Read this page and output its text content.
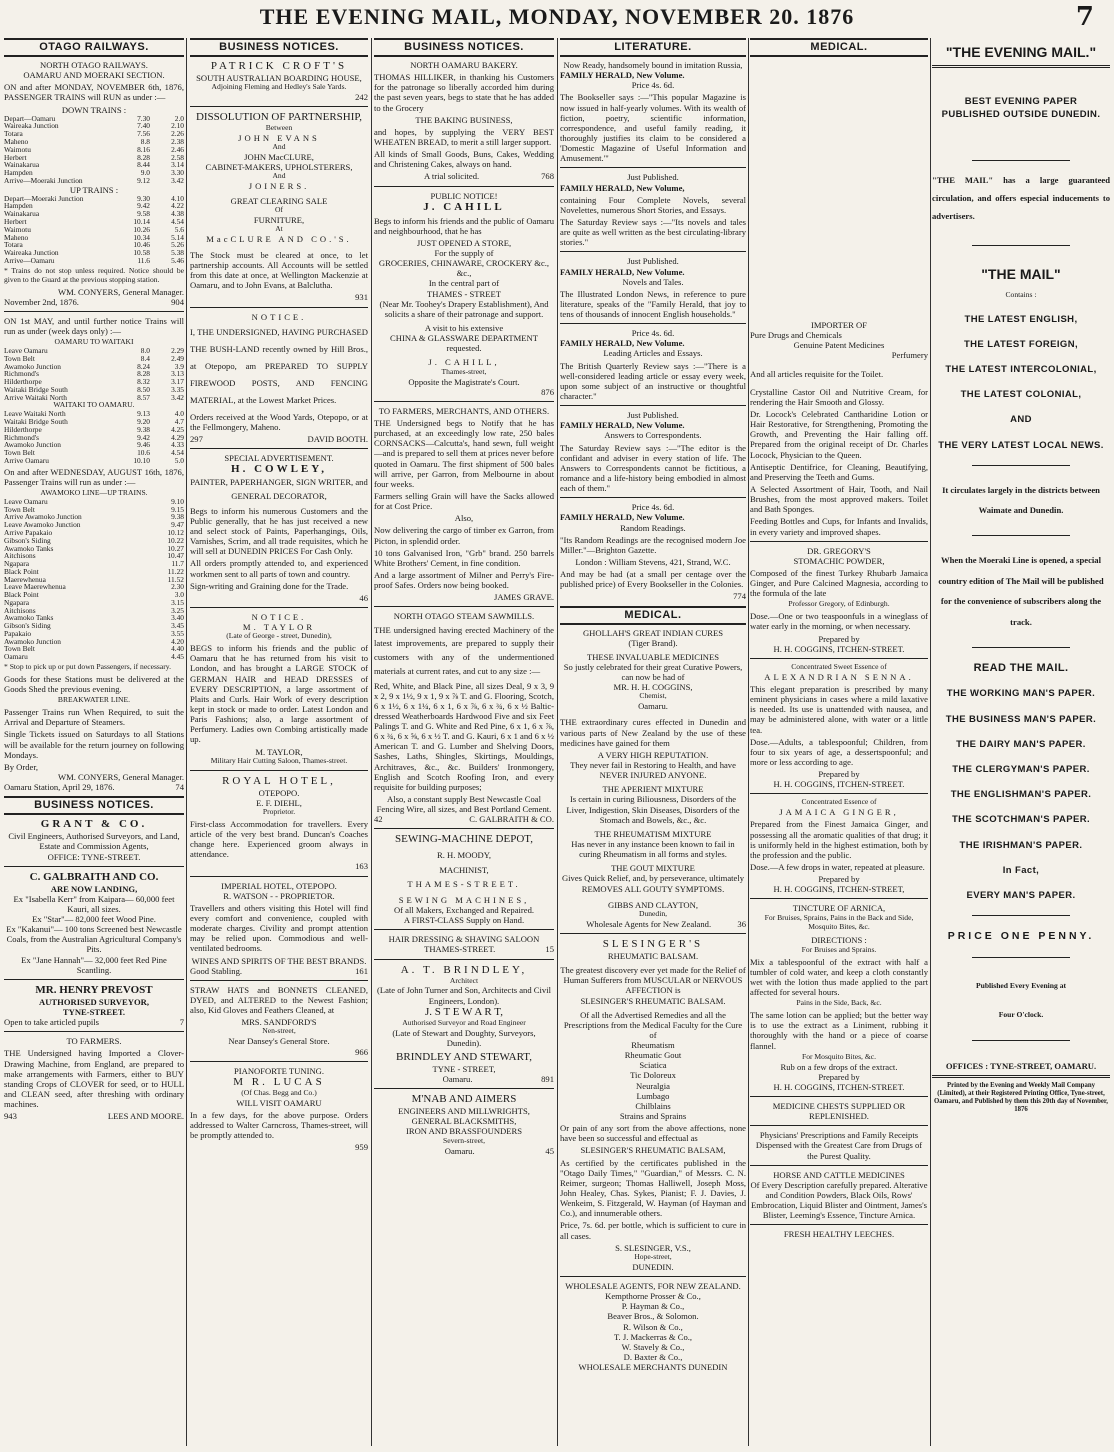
THE EVENING MAIL, MONDAY, NOVEMBER 20. 1876	7
OTAGO RAILWAYS.
NORTH OTAGO RAILWAYS.
OAMARU AND MOERAKI SECTION.
ON and after MONDAY, NOVEMBER 6th, 1876, PASSENGER TRAINS will RUN as under :—
DOWN TRAINS :
Depart—Oamaru	7.30	2.0
Waireaka Junction	7.40	2.10
Totara	7.56	2.26
Maheno	8.8	2.38
Waimotu	8.16	2.46
Herbert	8.28	2.58
Wainakarua	8.44	3.14
Hampden	9.0	3.30
Arrive—Moeraki Junction	9.12	3.42
UP TRAINS :
Depart—Moeraki Junction	9.30	4.10
Hampden	9.42	4.22
Wainakarua	9.58	4.38
Herbert	10.14	4.54
Waimotu	10.26	5.6
Maheno	10.34	5.14
Totara	10.46	5.26
Waireaka Junction	10.58	5.38
Arrive—Oamaru	11.6	5.46
* Trains do not stop unless required. Notice should be given to the Guard at the previous stopping station.
WM. CONYERS, General Manager.
November 2nd, 1876.	904
ON 1st MAY, and until further notice Trains will run as under (week days only) :—
OAMARU TO WAITAKI
Leave Oamaru	8.0	2.29
Town Belt	8.4	2.49
Awamoko Junction	8.24	3.9
Richmond's	8.28	3.13
Hilderthorpe	8.32	3.17
Waitaki Bridge South	8.50	3.35
Arrive Waitaki North	8.57	3.42
WAITAKI TO OAMARU.
Leave Waitaki North	9.13	4.0
Waitaki Bridge South	9.20	4.7
Hilderthorpe	9.38	4.25
Richmond's	9.42	4.29
Awamoko Junction	9.46	4.33
Town Belt	10.6	4.54
Arrive Oamaru	10.10	5.0
On and after WEDNESDAY, AUGUST 16th, 1876, Passenger Trains will run as under :—
AWAMOKO LINE—UP TRAINS.
Leave Oamaru	9.10
Town Belt	9.15
Arrive Awamoko Junction	9.38
Leave Awamoko Junction	9.47
Arrive Papakaio	10.12
Gibson's Siding	10.22
Awamoko Tanks	10.27
Aitchisons	10.47
Ngapara	11.7
Black Point	11.22
Maerewhenua	11.52
Leave Maerewhenua	2.30
Black Point	3.0
Ngapara	3.15
Aitchisons	3.25
Awamoko Tanks	3.40
Gibson's Siding	3.45
Papakaio	3.55
Awamoko Junction	4.20
Town Belt	4.40
Oamaru	4.45
* Stop to pick up or put down Passengers, if necessary.
Goods for these Stations must be delivered at the Goods Shed the previous evening.
BREAKWATER LINE.
Passenger Trains run When Required, to suit the Arrival and Departure of Steamers.
Single Tickets issued on Saturdays to all Stations will be available for the return journey on following Mondays.
By Order,
WM. CONYERS, General Manager.
Oamaru Station, April 29, 1876.	74
BUSINESS NOTICES.
GRANT & CO.
Civil Engineers, Authorised Surveyors, and Land, Estate and Commission Agents,
OFFICE: TYNE-STREET.
C. GALBRAITH AND CO.
ARE NOW LANDING,
Ex "Isabella Kerr" from Kaipara— 60,000 feet Kauri, all sizes.
Ex "Star"— 82,000 feet Wood Pine.
Ex "Kakanui"— 100 tons Screened best Newcastle Coals, from the Australian Agricultural Company's Pits.
Ex "Jane Hannah"— 32,000 feet Red Pine Scantling.
MR. HENRY PREVOST
AUTHORISED SURVEYOR,
TYNE-STREET.
Open to take articled pupils	7
TO FARMERS.
THE Undersigned having Imported a Clover-Drawing Machine, from England, are prepared to make arrangements with Farmers, either to BUY standing Crops of CLOVER for seed, or to HULL and CLEAN seed, after threshing with ordinary machines.
943	LEES AND MOORE.
BUSINESS NOTICES.
PATRICK CROFT'S
SOUTH AUSTRALIAN BOARDING HOUSE,
Adjoining Fleming and Hedley's Sale Yards.
242
DISSOLUTION OF PARTNERSHIP,
Between
JOHN EVANS
And
JOHN MacCLURE,
CABINET-MAKERS, UPHOLSTERERS,
And
JOINERS.
GREAT CLEARING SALE
Of
FURNITURE,
At
MacCLURE AND CO.'S.
The Stock must be cleared at once, to let partnership accounts. All Accounts will be settled from this date at once, at Wellington Mackenzie at Oamaru, and to John Evans, at Balclutha.
931
NOTICE.
I, THE UNDERSIGNED, HAVING PURCHASED THE BUSH-LAND recently owned by Hill Bros., at Otepopo, am PREPARED TO SUPPLY FIREWOOD POSTS, AND FENCING MATERIAL, at the Lowest Market Prices.
Orders received at the Wood Yards, Otepopo, or at the Fellmongery, Maheno.
297	DAVID BOOTH.
SPECIAL ADVERTISEMENT.
H. COWLEY,
PAINTER, PAPERHANGER, SIGN WRITER, and GENERAL DECORATOR,
Begs to inform his numerous Customers and the Public generally, that he has just received a new and select stock of Paints, Paperhangings, Oils, Varnishes, Scrim, and all trade requisites, which he will sell at DUNEDIN PRICES For Cash Only.
All orders promptly attended to, and experienced workmen sent to all parts of town and country.
Sign-writing and Graining done for the Trade.
46
NOTICE.
M. TAYLOR
(Late of George - street, Dunedin),
BEGS to inform his friends and the public of Oamaru that he has returned from his visit to London, and has brought a LARGE STOCK of GERMAN HAIR and HEAD DRESSES of EVERY DESCRIPTION, a large assortment of Plaits and Curls. Hair Work of every description kept in stock or made to order. Latest London and Paris Fashions; also, a large assortment of Perfumery. Ladies own Combing artistically made up.
M. TAYLOR,
Military Hair Cutting Saloon, Thames-street.
ROYAL HOTEL,
OTEPOPO.
E. F. DIEHL,
Proprietor.
First-class Accommodation for travellers. Every article of the very best brand. Duncan's Coaches change here. Experienced groom always in attendance.
163
IMPERIAL HOTEL, OTEPOPO.
R. WATSON - - PROPRIETOR.
Travellers and others visiting this Hotel will find every comfort and convenience, coupled with moderate charges. Civility and prompt attention may be relied upon. Commodious and well-ventilated bedrooms.
WINES AND SPIRITS OF THE BEST BRANDS.
Good Stabling.	161
STRAW HATS and BONNETS CLEANED, DYED, and ALTERED to the Newest Fashion; also, Kid Gloves and Feathers Cleaned, at
MRS. SANDFORD'S
Nen-street,
Near Dansey's General Store.
966
PIANOFORTE TUNING.
M R. LUCAS
(Of Chas. Begg and Co.)
WILL VISIT OAMARU
In a few days, for the above purpose. Orders addressed to Walter Carncross, Thames-street, will be promptly attended to.
959
BUSINESS NOTICES.
NORTH OAMARU BAKERY.
THOMAS HILLIKER, in thanking his Customers for the patronage so liberally accorded him during the past seven years, begs to state that he has added to the Grocery
THE BAKING BUSINESS,
and hopes, by supplying the VERY BEST WHEATEN BREAD, to merit a still larger support.
All kinds of Small Goods, Buns, Cakes, Wedding and Christening Cakes, always on hand.
A trial solicited.	768
PUBLIC NOTICE!
J. CAHILL
Begs to inform his friends and the public of Oamaru and neighbourhood, that he has
JUST OPENED A STORE,
For the supply of
GROCERIES, CHINAWARE, CROCKERY &c., &c.,
In the central part of
THAMES - STREET
(Near Mr. Toohey's Drapery Establishment), And solicits a share of their patronage and support.
A visit to his extensive
CHINA & GLASSWARE DEPARTMENT
requested.
J. CAHILL,
Thames-street,
Opposite the Magistrate's Court.
876
TO FARMERS, MERCHANTS, AND OTHERS.
THE Undersigned begs to Notify that he has purchased, at an exceedingly low rate, 250 bales CORNSACKS—Calcutta's, hand sewn, full weight—and is prepared to sell them at prices never before quoted in Oamaru. The first shipment of 500 bales will arrive, per Garron, from Melbourne in about four weeks.
Farmers selling Grain will have the Sacks allowed for at Cost Price.
Also,
Now delivering the cargo of timber ex Garron, from Picton, in splendid order.
10 tons Galvanised Iron, "Grb" brand. 250 barrels White Brothers' Cement, in fine condition.
And a large assortment of Milner and Perry's Fire-proof Safes. Orders now being booked.
JAMES GRAVE.
NORTH OTAGO STEAM SAWMILLS.
THE undersigned having erected Machinery of the latest improvements, are prepared to supply their customers with any of the undermentioned materials at current rates, and cut to any size :—
Red, White, and Black Pine, all sizes Deal, 9 x 3, 9 x 2, 9 x 1½, 9 x 1, 9 x ⅞ T. and G. Flooring, Scotch, 6 x 1½, 6 x 1¼, 6 x 1, 6 x ⅞, 6 x ¾, 6 x ½ Baltic-dressed Weatherboards Hardwood Five and six Feet Palings T. and G. White and Red Pine, 6 x 1, 6 x ⅞, 6 x ¾, 6 x ⅝, 6 x ½ T. and G. Kauri, 6 x 1 and 6 x ½ American T. and G. Lumber and Shelving Doors, Sashes, Laths, Shingles, Skirtings, Mouldings, Architraves, &c., &c. Builders' Ironmongery, English and Scotch Roofing Iron, and every requisite for building purposes;
Also, a constant supply Best Newcastle Coal Fencing Wire, all sizes, and Best Portland Cement.
42	C. GALBRAITH & CO.
SEWING-MACHINE DEPOT,
R. H. MOODY,
MACHINIST,
THAMES-STREET.
SEWING MACHINES,
Of all Makers, Exchanged and Repaired.
A FIRST-CLASS Supply on Hand.
HAIR DRESSING & SHAVING SALOON
THAMES-STREET.	15
A. T. BRINDLEY,
Architect
(Late of John Turner and Son, Architects and Civil Engineers, London).
J. S T E W A R T,
Authorised Surveyor and Road Engineer
(Late of Stewart and Doughty, Surveyors, Dunedin).
BRINDLEY AND STEWART,
TYNE - STREET,
Oamaru.	891
M'NAB AND AIMERS
ENGINEERS AND MILLWRIGHTS,
GENERAL BLACKSMITHS,
IRON AND BRASSFOUNDERS
Severn-street,
Oamaru.	45
LITERATURE.
Now Ready, handsomely bound in imitation Russia,
FAMILY HERALD, New Volume.
Price 4s. 6d.
The Bookseller says :—"This popular Magazine is now issued in half-yearly volumes. With its wealth of fiction, poetry, scientific information, correspondence, and useful family reading, it thoroughly justifies its claim to be considered a 'Domestic Magazine of Useful Information and Amusement.'"
Just Published.
FAMILY HERALD, New Volume,
containing Four Complete Novels, several Novelettes, numerous Short Stories, and Essays.
The Saturday Review says :—"Its novels and tales are quite as well written as the best circulating-library stories."
Just Published.
FAMILY HERALD, New Volume.
Novels and Tales.
The Illustrated London News, in reference to pure literature, speaks of the "Family Herald, that joy to tens of thousands of innocent English households."
Price 4s. 6d.
FAMILY HERALD, New Volume.
Leading Articles and Essays.
The British Quarterly Review says :—"There is a well-considered leading article or essay every week, upon some subject of an instructive or thoughtful character."
Just Published.
FAMILY HERALD, New Volume.
Answers to Correspondents.
The Saturday Review says :—"The editor is the confidant and adviser in every station of life. The Answers to Correspondents cannot be fictitious, a romance and a life-history being embodied in almost each of them."
Price 4s. 6d.
FAMILY HERALD, New Volume.
Random Readings.
"Its Random Readings are the recognised modern Joe Miller."—Brighton Gazette.
London : William Stevens, 421, Strand, W.C.
And may be had (at a small per centage over the published price) of Every Bookseller in the Colonies.
774
MEDICAL.
GHOLLAH'S GREAT INDIAN CURES
(Tiger Brand).
THESE INVALUABLE MEDICINES
So justly celebrated for their great Curative Powers, can now be had of
MR. H. H. COGGINS,
Chemist,
Oamaru.
THE extraordinary cures effected in Dunedin and various parts of New Zealand by the use of these medicines have gained for them
A VERY HIGH REPUTATION.
They never fail in Restoring to Health, and have
NEVER INJURED ANYONE.
THE APERIENT MIXTURE
Is certain in curing Biliousness, Disorders of the Liver, Indigestion, Skin Diseases, Disorders of the Stomach and Bowels, &c., &c.
THE RHEUMATISM MIXTURE
Has never in any instance been known to fail in curing Rheumatism in all forms and styles.
THE GOUT MIXTURE
Gives Quick Relief, and, by perseverance, ultimately
REMOVES ALL GOUTY SYMPTOMS.
GIBBS AND CLAYTON,
Dunedin,
Wholesale Agents for New Zealand.	36
SLESINGER'S
RHEUMATIC BALSAM.
The greatest discovery ever yet made for the Relief of Human Sufferers from MUSCULAR or NERVOUS AFFECTION is
SLESINGER'S RHEUMATIC BALSAM.
Of all the Advertised Remedies and all the Prescriptions from the Medical Faculty for the Cure of
Rheumatism
Rheumatic Gout
Sciatica
Tic Doloreux
Neuralgia
Lumbago
Chilblains
Strains and Sprains
Or pain of any sort from the above affections, none have been so successful and effectual as
SLESINGER'S RHEUMATIC BALSAM,
As certified by the certificates published in the "Otago Daily Times," "Guardian," of Messrs. C. N. Reimer, surgeon; Thomas Halliwell, Joseph Moss, John Healey, Chas. Sykes, Pianist; F. J. Davies, J. Wenkeim, S. Fitzgerald, W. Hayman (of Hayman and Co.), and innumerable others.
Price, 7s. 6d. per bottle, which is sufficient to cure in all cases.
S. SLESINGER, V.S.,
Hope-street,
DUNEDIN.
WHOLESALE AGENTS, FOR NEW ZEALAND.
Kempthorne Prosser & Co.,
P. Hayman & Co.,
Beaver Bros., & Solomon.
R. Wilson & Co.,
T. J. Mackerras & Co.,
W. Stavely & Co.,
D. Baxter & Co.,
WHOLESALE MERCHANTS DUNEDIN
MEDICAL.
IMPORTER OF
Pure Drugs and Chemicals
Genuine Patent Medicines
Perfumery
And all articles requisite for the Toilet.
Crystalline Castor Oil and Nutritive Cream, for rendering the Hair Smooth and Glossy.
Dr. Locock's Celebrated Cantharidine Lotion or Hair Restorative, for Strengthening, Promoting the Growth, and Preventing the Hair falling off. Prepared from the original receipt of Dr. Charles Locock, Physician to the Queen.
Antiseptic Dentifrice, for Cleaning, Beautifying, and Preserving the Teeth and Gums.
A Selected Assortment of Hair, Tooth, and Nail Brushes, from the most approved makers. Toilet and Bath Sponges.
Feeding Bottles and Cups, for Infants and Invalids, in every variety and improved shapes.
DR. GREGORY'S
STOMACHIC POWDER,
Composed of the finest Turkey Rhubarb Jamaica Ginger, and Pure Calcined Magnesia, according to the formula of the late
Professor Gregory, of Edinburgh.
Dose.—One or two teaspoonfuls in a wineglass of water early in the morning, or when necessary.
Prepared by
H. H. COGGINS, ITCHEN-STREET.
Concentrated Sweet Essence of
ALEXANDRIAN SENNA.
This elegant preparation is prescribed by many eminent physicians in cases where a mild laxative is needed. Its use is unattended with nausea, and may be administered alone, with water or a little tea.
Dose.—Adults, a tablespoonful; Children, from four to six years of age, a dessertspoonful; and more or less according to age.
Prepared by
H. H. COGGINS, ITCHEN-STREET.
Concentrated Essence of
JAMAICA GINGER,
Prepared from the Finest Jamaica Ginger, and possessing all the aromatic qualities of that drug; it is uniformly held in the highest estimation, both by the profession and the public.
Dose.—A few drops in water, repeated at pleasure.
Prepared by
H. H. COGGINS, ITCHEN-STREET,
TINCTURE OF ARNICA,
For Bruises, Sprains, Pains in the Back and Side, Mosquito Bites, &c.
DIRECTIONS :
For Bruises and Sprains.
Mix a tablespoonful of the extract with half a tumbler of cold water, and keep a cloth constantly wet with the lotion thus made applied to the part affected for several hours.
Pains in the Side, Back, &c.
The same lotion can be applied; but the better way is to use the extract as a Liniment, rubbing it thoroughly with the hand or a piece of coarse flannel.
For Mosquito Bites, &c.
Rub on a few drops of the extract.
Prepared by
H. H. COGGINS, ITCHEN-STREET.
MEDICINE CHESTS SUPPLIED OR REPLENISHED.
Physicians' Prescriptions and Family Receipts Dispensed with the Greatest Care from Drugs of the Purest Quality.
HORSE AND CATTLE MEDICINES
Of Every Description carefully prepared. Alterative and Condition Powders, Black Oils, Rows' Embrocation, Liquid Blister and Ointment, James's Blister, Leeming's Essence, Tincture Arnica.
FRESH HEALTHY LEECHES.
"THE EVENING MAIL."
BEST EVENING PAPER
PUBLISHED OUTSIDE DUNEDIN.
"THE MAIL" has a large guaranteed circulation, and offers especial inducements to advertisers.
"THE MAIL"
Contains :
THE LATEST ENGLISH,
THE LATEST FOREIGN,
THE LATEST INTERCOLONIAL,
THE LATEST COLONIAL,
AND
THE VERY LATEST LOCAL NEWS.
It circulates largely in the districts between Waimate and Dunedin.
When the Moeraki Line is opened, a special country edition of The Mail will be published for the convenience of subscribers along the track.
READ THE MAIL.
THE WORKING MAN'S PAPER.
THE BUSINESS MAN'S PAPER.
THE DAIRY MAN'S PAPER.
THE CLERGYMAN'S PAPER.
THE ENGLISHMAN'S PAPER.
THE SCOTCHMAN'S PAPER.
THE IRISHMAN'S PAPER.
In Fact,
EVERY MAN'S PAPER.
PRICE ONE PENNY.
Published Every Evening at
Four O'clock.
OFFICES : TYNE-STREET, OAMARU.
Printed by the Evening and Weekly Mail Company (Limited), at their Registered Printing Office, Tyne-street, Oamaru, and Published by them this 20th day of November, 1876
